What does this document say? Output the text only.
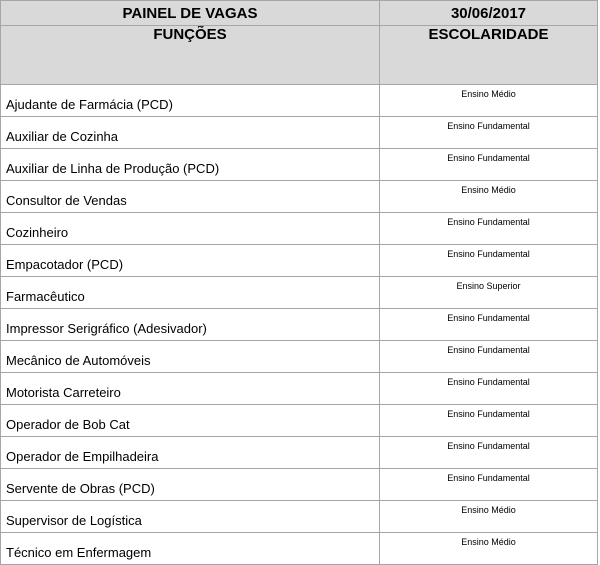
PAINEL DE VAGAS	30/06/2017
FUNÇÕES	ESCOLARIDADE
Ajudante de Farmácia (PCD)	Ensino Médio
Auxiliar de Cozinha	Ensino Fundamental
Auxiliar de Linha de Produção (PCD)	Ensino Fundamental
Consultor de Vendas	Ensino Médio
Cozinheiro	Ensino Fundamental
Empacotador (PCD)	Ensino Fundamental
Farmacêutico	Ensino Superior
Impressor Serigráfico (Adesivador)	Ensino Fundamental
Mecânico de Automóveis	Ensino Fundamental
Motorista Carreteiro	Ensino Fundamental
Operador de Bob Cat	Ensino Fundamental
Operador de Empilhadeira	Ensino Fundamental
Servente de Obras (PCD)	Ensino Fundamental
Supervisor de Logística	Ensino Médio
Técnico em Enfermagem	Ensino Médio
